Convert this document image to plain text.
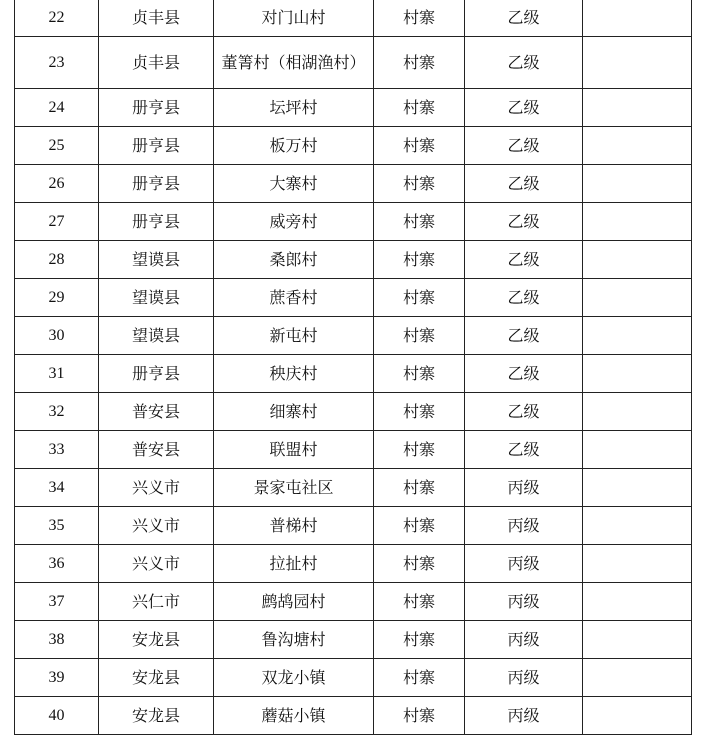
22	贞丰县	对门山村	村寨	乙级	
23	贞丰县	董箐村（相湖渔村）	村寨	乙级	
24	册亨县	坛坪村	村寨	乙级	
25	册亨县	板万村	村寨	乙级	
26	册亨县	大寨村	村寨	乙级	
27	册亨县	威旁村	村寨	乙级	
28	望谟县	桑郎村	村寨	乙级	
29	望谟县	蔗香村	村寨	乙级	
30	望谟县	新屯村	村寨	乙级	
31	册亨县	秧庆村	村寨	乙级	
32	普安县	细寨村	村寨	乙级	
33	普安县	联盟村	村寨	乙级	
34	兴义市	景家屯社区	村寨	丙级	
35	兴义市	普梯村	村寨	丙级	
36	兴义市	拉扯村	村寨	丙级	
37	兴仁市	鹧鸪园村	村寨	丙级	
38	安龙县	鲁沟塘村	村寨	丙级	
39	安龙县	双龙小镇	村寨	丙级	
40	安龙县	蘑菇小镇	村寨	丙级	
